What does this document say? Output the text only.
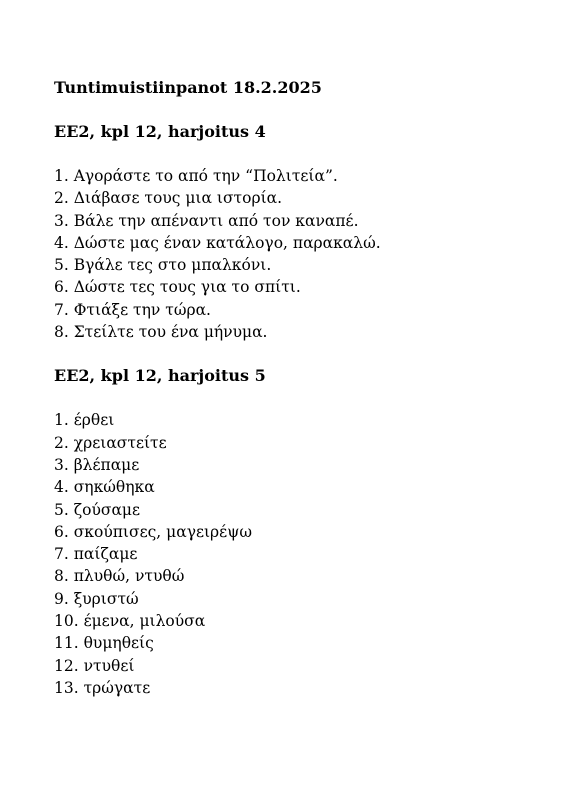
Tuntimuistiinpanot 18.2.2025
EE2, kpl 12, harjoitus 4
1. Αγοράστε το από την “Πολιτεία”.
2. Διάβασε τους μια ιστορία.
3. Βάλε την απέναντι από τον καναπέ.
4. Δώστε μας έναν κατάλογο, παρακαλώ.
5. Βγάλε τες στο μπαλκόνι.
6. Δώστε τες τους για το σπίτι.
7. Φτιάξε την τώρα.
8. Στείλτε του ένα μήνυμα.
EE2, kpl 12, harjoitus 5
1. έρθει
2. χρειαστείτε
3. βλέπαμε
4. σηκώθηκα
5. ζούσαμε
6. σκούπισες, μαγειρέψω
7. παίζαμε
8. πλυθώ, ντυθώ
9. ξυριστώ
10. έμενα, μιλούσα
11. θυμηθείς
12. ντυθεί
13. τρώγατε
